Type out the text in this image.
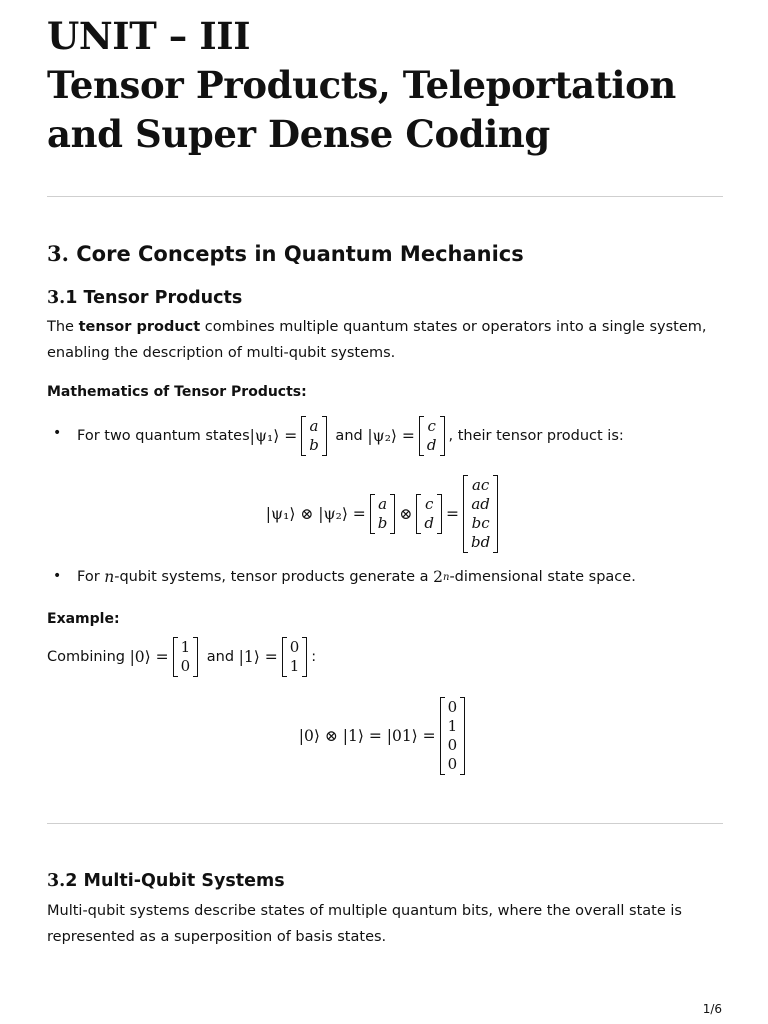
UNIT – III
Tensor Products, Teleportation
and Super Dense Coding
3. Core Concepts in Quantum Mechanics
3.1 Tensor Products

The tensor product combines multiple quantum states or operators into a single system, enabling the description of multi-qubit systems.

Mathematics of Tensor Products:

• For two quantum states |ψ₁⟩ =
a
b and |ψ₂⟩ =
c
d , their tensor product is:
|ψ₁⟩ ⊗ |ψ₂⟩ =
a
b ⊗
c
d =
ac
ad
bc
bd
• For n -qubit systems, tensor products generate a 2 n -dimensional state space.

Example:

Combining |0⟩ =
1
0 and |1⟩ =
0
1 :
|0⟩ ⊗ |1⟩ = |01⟩ =
0
1
0
0
3.2 Multi-Qubit Systems

Multi-qubit systems describe states of multiple quantum bits, where the overall state is represented as a superposition of basis states.

1/6
